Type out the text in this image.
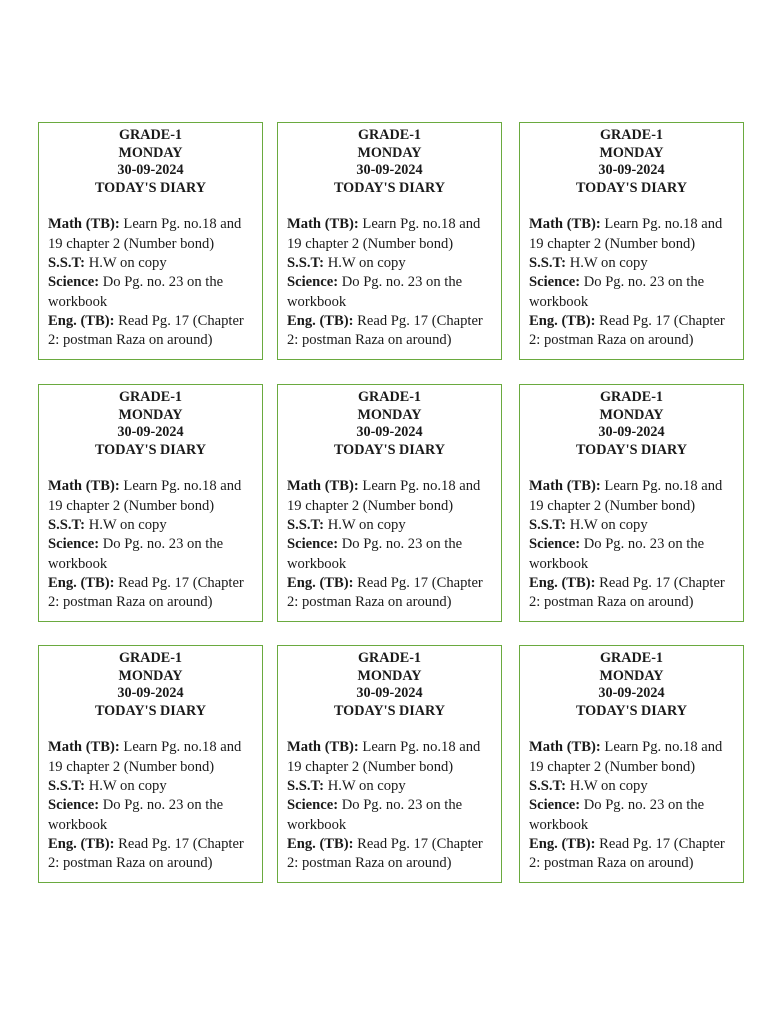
GRADE-1
MONDAY
30-09-2024
TODAY'S DIARY
Math (TB): Learn Pg. no.18 and 19 chapter 2 (Number bond)
S.S.T: H.W on copy
Science: Do Pg. no. 23 on the workbook
Eng. (TB): Read Pg. 17 (Chapter 2: postman Raza on around)
GRADE-1
MONDAY
30-09-2024
TODAY'S DIARY
Math (TB): Learn Pg. no.18 and 19 chapter 2 (Number bond)
S.S.T: H.W on copy
Science: Do Pg. no. 23 on the workbook
Eng. (TB): Read Pg. 17 (Chapter 2: postman Raza on around)
GRADE-1
MONDAY
30-09-2024
TODAY'S DIARY
Math (TB): Learn Pg. no.18 and 19 chapter 2 (Number bond)
S.S.T: H.W on copy
Science: Do Pg. no. 23 on the workbook
Eng. (TB): Read Pg. 17 (Chapter 2: postman Raza on around)
GRADE-1
MONDAY
30-09-2024
TODAY'S DIARY
Math (TB): Learn Pg. no.18 and 19 chapter 2 (Number bond)
S.S.T: H.W on copy
Science: Do Pg. no. 23 on the workbook
Eng. (TB): Read Pg. 17 (Chapter 2: postman Raza on around)
GRADE-1
MONDAY
30-09-2024
TODAY'S DIARY
Math (TB): Learn Pg. no.18 and 19 chapter 2 (Number bond)
S.S.T: H.W on copy
Science: Do Pg. no. 23 on the workbook
Eng. (TB): Read Pg. 17 (Chapter 2: postman Raza on around)
GRADE-1
MONDAY
30-09-2024
TODAY'S DIARY
Math (TB): Learn Pg. no.18 and 19 chapter 2 (Number bond)
S.S.T: H.W on copy
Science: Do Pg. no. 23 on the workbook
Eng. (TB): Read Pg. 17 (Chapter 2: postman Raza on around)
GRADE-1
MONDAY
30-09-2024
TODAY'S DIARY
Math (TB): Learn Pg. no.18 and 19 chapter 2 (Number bond)
S.S.T: H.W on copy
Science: Do Pg. no. 23 on the workbook
Eng. (TB): Read Pg. 17 (Chapter 2: postman Raza on around)
GRADE-1
MONDAY
30-09-2024
TODAY'S DIARY
Math (TB): Learn Pg. no.18 and 19 chapter 2 (Number bond)
S.S.T: H.W on copy
Science: Do Pg. no. 23 on the workbook
Eng. (TB): Read Pg. 17 (Chapter 2: postman Raza on around)
GRADE-1
MONDAY
30-09-2024
TODAY'S DIARY
Math (TB): Learn Pg. no.18 and 19 chapter 2 (Number bond)
S.S.T: H.W on copy
Science: Do Pg. no. 23 on the workbook
Eng. (TB): Read Pg. 17 (Chapter 2: postman Raza on around)
